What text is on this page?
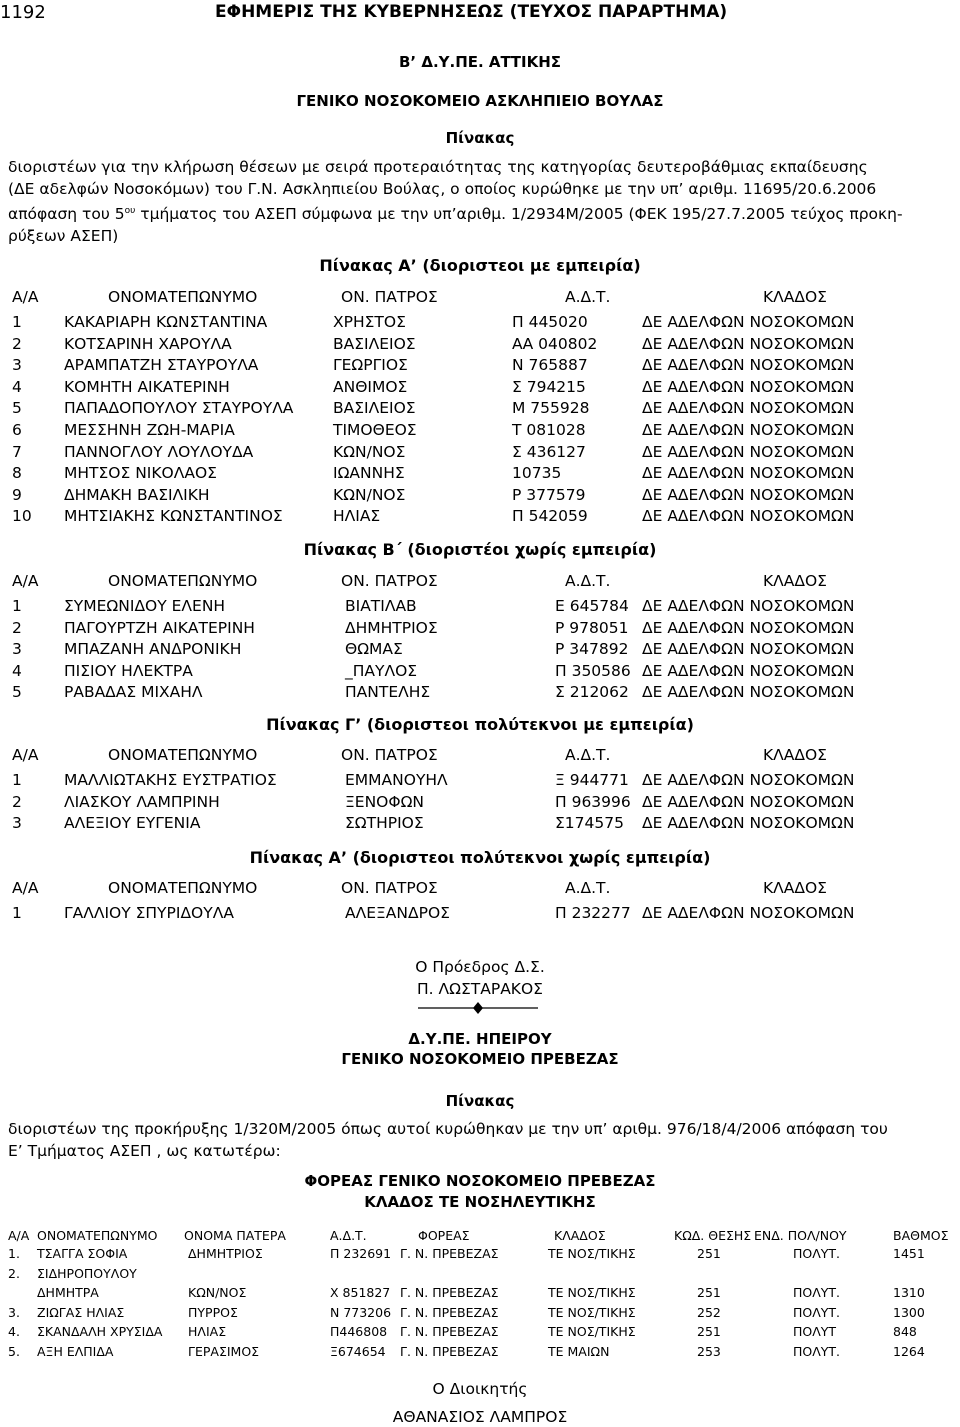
1192	ΕΦΗΜΕΡΙΣ ΤΗΣ ΚΥΒΕΡΝΗΣΕΩΣ (ΤΕΥΧΟΣ ΠΑΡΑΡΤΗΜΑ)
Β’ Δ.Υ.ΠΕ. ΑΤΤΙΚΗΣ
ΓΕΝΙΚΟ ΝΟΣΟΚΟΜΕΙΟ ΑΣΚΛΗΠΙΕΙΟ ΒΟΥΛΑΣ
Πίνακας
διοριστέων για την κλήρωση θέσεων με σειρά προτεραιότητας της κατηγορίας δευτεροβάθμιας εκπαίδευσης
(ΔΕ αδελφών Νοσοκόμων) του Γ.Ν. Ασκληπιείου Βούλας, ο οποίος κυρώθηκε με την υπ’ αριθμ. 11695/20.6.2006
απόφαση του $5^{o\upsilon}$ τμήματος του ΑΣΕΠ σύμφωνα με την υπ’αριθμ. 1/2934Μ/2005 (ΦΕΚ 195/27.7.2005 τεύχος προκη-
ρύξεων ΑΣΕΠ)
Πίνακας Α’ (διοριστεοι με εμπειρία)
Α/Α	ΟΝΟΜΑΤΕΠΩΝΥΜΟ	ΟΝ. ΠΑΤΡΟΣ	Α.Δ.Τ.	ΚΛΑΔΟΣ
1	ΚΑΚΑΡΙΑΡΗ ΚΩΝΣΤΑΝΤΙΝΑ	ΧΡΗΣΤΟΣ	Π 445020	ΔΕ ΑΔΕΛΦΩΝ ΝΟΣΟΚΟΜΩΝ
2	ΚΟΤΣΑΡΙΝΗ ΧΑΡΟΥΛΑ	ΒΑΣΙΛΕΙΟΣ	ΑΑ 040802	ΔΕ ΑΔΕΛΦΩΝ ΝΟΣΟΚΟΜΩΝ
3	ΑΡΑΜΠΑΤΖΗ ΣΤΑΥΡΟΥΛΑ	ΓΕΩΡΓΙΟΣ	Ν 765887	ΔΕ ΑΔΕΛΦΩΝ ΝΟΣΟΚΟΜΩΝ
4	ΚΟΜΗΤΗ ΑΙΚΑΤΕΡΙΝΗ	ΑΝΘΙΜΟΣ	Σ 794215	ΔΕ ΑΔΕΛΦΩΝ ΝΟΣΟΚΟΜΩΝ
5	ΠΑΠΑΔΟΠΟΥΛΟΥ ΣΤΑΥΡΟΥΛΑ	ΒΑΣΙΛΕΙΟΣ	Μ 755928	ΔΕ ΑΔΕΛΦΩΝ ΝΟΣΟΚΟΜΩΝ
6	ΜΕΣΣΗΝΗ ΖΩΗ-ΜΑΡΙΑ	ΤΙΜΟΘΕΟΣ	Τ 081028	ΔΕ ΑΔΕΛΦΩΝ ΝΟΣΟΚΟΜΩΝ
7	ΠΑΝΝΟΓΛΟΥ ΛΟΥΛΟΥΔΑ	ΚΩΝ/ΝΟΣ	Σ 436127	ΔΕ ΑΔΕΛΦΩΝ ΝΟΣΟΚΟΜΩΝ
8	ΜΗΤΣΟΣ ΝΙΚΟΛΑΟΣ	ΙΩΑΝΝΗΣ	10735	ΔΕ ΑΔΕΛΦΩΝ ΝΟΣΟΚΟΜΩΝ
9	ΔΗΜΑΚΗ ΒΑΣΙΛΙΚΗ	ΚΩΝ/ΝΟΣ	Ρ 377579	ΔΕ ΑΔΕΛΦΩΝ ΝΟΣΟΚΟΜΩΝ
10 ΜΗΤΣΙΑΚΗΣ ΚΩΝΣΤΑΝΤΙΝΟΣ	ΗΛΙΑΣ	Π 542059	ΔΕ ΑΔΕΛΦΩΝ ΝΟΣΟΚΟΜΩΝ
Πίνακας Β΄ (διοριστέοι χωρίς εμπειρία)
Α/Α	ΟΝΟΜΑΤΕΠΩΝΥΜΟ	ΟΝ. ΠΑΤΡΟΣ	Α.Δ.Τ.	ΚΛΑΔΟΣ
1	ΣΥΜΕΩΝΙΔΟΥ ΕΛΕΝΗ	ΒΙΑΤΙΛΑΒ	Ε 645784 ΔΕ ΑΔΕΛΦΩΝ ΝΟΣΟΚΟΜΩΝ
2	ΠΑΓΟΥΡΤΖΗ ΑΙΚΑΤΕΡΙΝΗ	ΔΗΜΗΤΡΙΟΣ	Ρ 978051 ΔΕ ΑΔΕΛΦΩΝ ΝΟΣΟΚΟΜΩΝ
3	ΜΠΑΖΑΝΗ ΑΝΔΡΟΝΙΚΗ	ΘΩΜΑΣ	Ρ 347892 ΔΕ ΑΔΕΛΦΩΝ ΝΟΣΟΚΟΜΩΝ
4	ΠΙΣΙΟΥ ΗΛΕΚΤΡΑ	_ΠΑΥΛΟΣ	Π 350586 ΔΕ ΑΔΕΛΦΩΝ ΝΟΣΟΚΟΜΩΝ
5	ΡΑΒΑΔΑΣ ΜΙΧΑΗΛ	ΠΑΝΤΕΛΗΣ	Σ 212062 ΔΕ ΑΔΕΛΦΩΝ ΝΟΣΟΚΟΜΩΝ
Πίνακας Γ’ (διοριστεοι πολύτεκνοι με εμπειρία)
Α/Α	ΟΝΟΜΑΤΕΠΩΝΥΜΟ	ΟΝ. ΠΑΤΡΟΣ	Α.Δ.Τ.	ΚΛΑΔΟΣ
1	ΜΑΛΛΙΩΤΑΚΗΣ ΕΥΣΤΡΑΤΙΟΣ	ΕΜΜΑΝΟΥΗΛ	Ξ 944771 ΔΕ ΑΔΕΛΦΩΝ ΝΟΣΟΚΟΜΩΝ
2	ΛΙΑΣΚΟΥ ΛΑΜΠΡΙΝΗ	ΞΕΝΟΦΩΝ	Π 963996 ΔΕ ΑΔΕΛΦΩΝ ΝΟΣΟΚΟΜΩΝ
3	ΑΛΕΞΙΟΥ ΕΥΓΕΝΙΑ	ΣΩΤΗΡΙΟΣ	Σ174575 ΔΕ ΑΔΕΛΦΩΝ ΝΟΣΟΚΟΜΩΝ
Πίνακας Α’ (διοριστεοι πολύτεκνοι χωρίς εμπειρία)
Α/Α	ΟΝΟΜΑΤΕΠΩΝΥΜΟ	ΟΝ. ΠΑΤΡΟΣ	Α.Δ.Τ.	ΚΛΑΔΟΣ
1	ΓΑΛΛΙΟΥ ΣΠΥΡΙΔΟΥΛΑ	ΑΛΕΞΑΝΔΡΟΣ	Π 232277 ΔΕ ΑΔΕΛΦΩΝ ΝΟΣΟΚΟΜΩΝ
Ο Πρόεδρος Δ.Σ.
Π. ΛΩΣΤΑΡΑΚΟΣ
Δ.Υ.ΠΕ. ΗΠΕΙΡΟΥ
ΓΕΝΙΚΟ ΝΟΣΟΚΟΜΕΙΟ ΠΡΕΒΕΖΑΣ
Πίνακας
διοριστέων της προκήρυξης 1/320Μ/2005 όπως αυτοί κυρώθηκαν με την υπ’ αριθμ. 976/18/4/2006 απόφαση του
Ε’ Τμήματος ΑΣΕΠ , ως κατωτέρω:
ΦΟΡΕΑΣ ΓΕΝΙΚΟ ΝΟΣΟΚΟΜΕΙΟ ΠΡΕΒΕΖΑΣ
ΚΛΑΔΟΣ ΤΕ ΝΟΣΗΛΕΥΤΙΚΗΣ
Α/Α ΟΝΟΜΑΤΕΠΩΝΥΜΟ ΟΝΟΜΑ ΠΑΤΕΡΑ	Α.Δ.Τ.	ΦΟΡΕΑΣ	ΚΛΑΔΟΣ	ΚΩΔ. ΘΕΣΗΣ ΕΝΔ. ΠΟΛ/ΝΟΥ	ΒΑΘΜΟΣ
1. ΤΣΑΓΓΑ ΣΟΦΙΑ	ΔΗΜΗΤΡΙΟΣ	Π 232691 Γ. Ν. ΠΡΕΒΕΖΑΣ	ΤΕ ΝΟΣ/ΤΙΚΗΣ	251	ΠΟΛΥΤ.	1451
2. ΣΙΔΗΡΟΠΟΥΛΟΥ
ΔΗΜΗΤΡΑ	ΚΩΝ/ΝΟΣ	Χ 851827 Γ. Ν. ΠΡΕΒΕΖΑΣ	ΤΕ ΝΟΣ/ΤΙΚΗΣ	251	ΠΟΛΥΤ.	1310
3. ΖΙΩΓΑΣ ΗΛΙΑΣ	ΠΥΡΡΟΣ	Ν 773206 Γ. Ν. ΠΡΕΒΕΖΑΣ	ΤΕ ΝΟΣ/ΤΙΚΗΣ	252	ΠΟΛΥΤ.	1300
4. ΣΚΑΝΔΑΛΗ ΧΡΥΣΙΔΑ ΗΛΙΑΣ	Π446808 Γ. Ν. ΠΡΕΒΕΖΑΣ	ΤΕ ΝΟΣ/ΤΙΚΗΣ	251	ΠΟΛΥΤ	848
5. ΑΞΗ ΕΛΠΙΔΑ	ΓΕΡΑΣΙΜΟΣ	Ξ674654 Γ. Ν. ΠΡΕΒΕΖΑΣ	ΤΕ ΜΑΙΩΝ	253	ΠΟΛΥΤ.	1264
Ο Διοικητής
ΑΘΑΝΑΣΙΟΣ ΛΑΜΠΡΟΣ
